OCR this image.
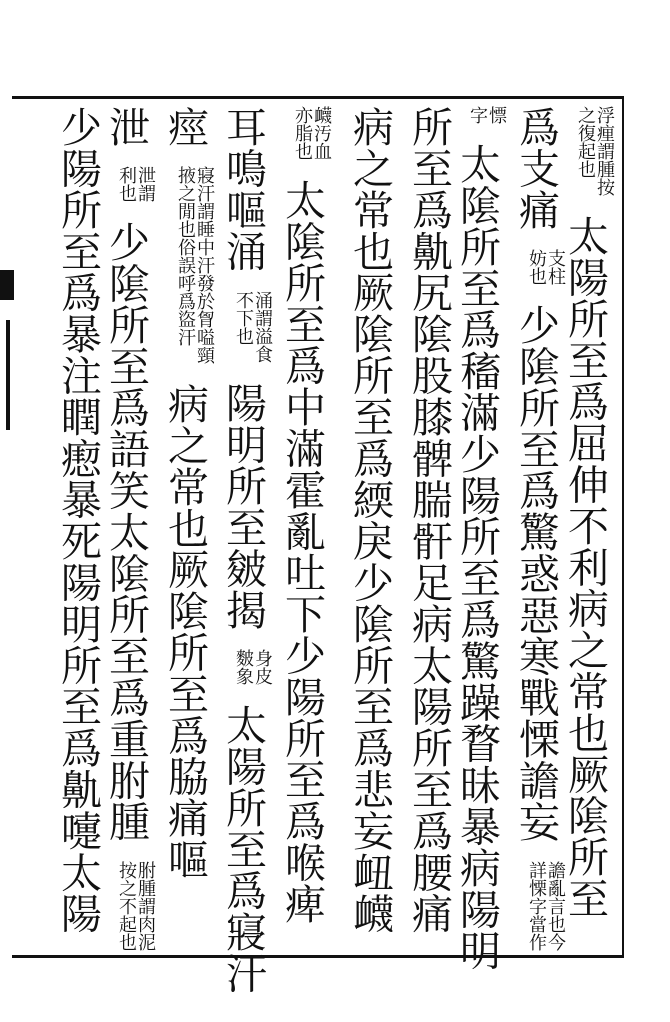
浮㾖謂腫按
之復起也
太陽所至爲屈伸不利病之常也厥隂所至
爲支痛
支柱
妨也
少隂所至爲驚惑惡寒戰慄譫妄
譫亂言也今
詳慄字當作
慓
字
太隂所至爲稸滿少陽所至爲驚躁瞀昧暴病陽明
所至爲鼽尻隂股膝髀腨骭足病太陽所至爲腰痛
病之常也厥隂所至爲緛戾少隂所至爲悲妄衄衊
衊汚血
亦脂也
太隂所至爲中滿霍亂吐下少陽所至爲喉痺
耳鳴嘔涌
涌謂溢食
不下也
陽明所至皴揭
身皮
麬象
太陽所至爲寢汗
痙
寢汗謂睡中汗發於胷嗌頸
掖之閒也俗誤呼爲盜汗
病之常也厥隂所至爲脇痛嘔
泄
泄謂
利也
少隂所至爲語笑太隂所至爲重胕腫
胕腫謂肉泥
按之不起也
少陽所至爲暴注瞤瘛暴死陽明所至爲鼽嚏太陽
